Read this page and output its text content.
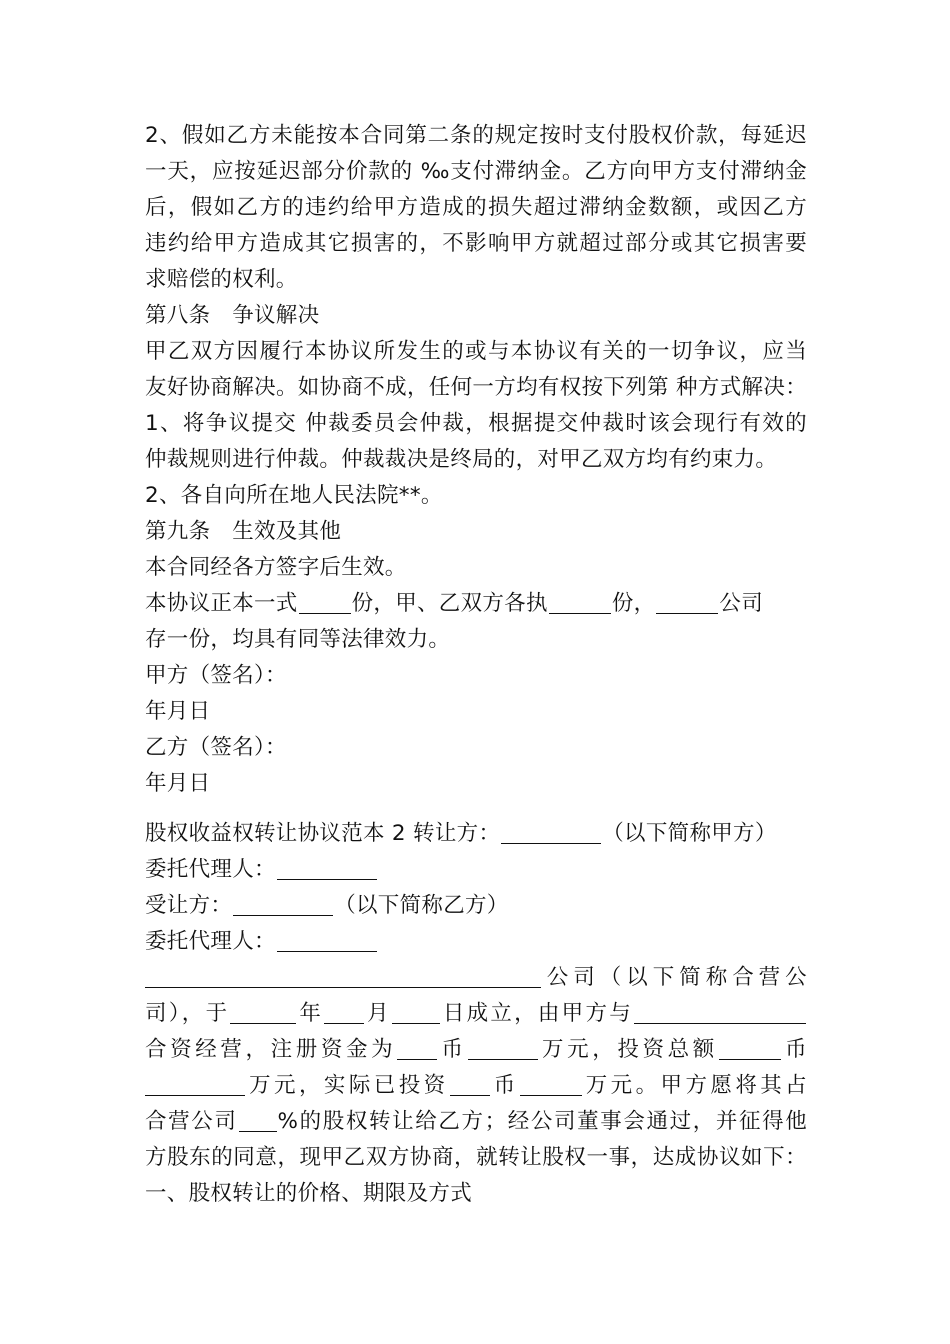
2、假如乙方未能按本合同第二条的规定按时支付股权价款，每延迟
一天，应按延迟部分价款的 ‰支付滞纳金。乙方向甲方支付滞纳金
后，假如乙方的违约给甲方造成的损失超过滞纳金数额，或因乙方
违约给甲方造成其它损害的，不影响甲方就超过部分或其它损害要
求赔偿的权利。
第八条　争议解决
甲乙双方因履行本协议所发生的或与本协议有关的一切争议，应当
友好协商解决。如协商不成，任何一方均有权按下列第 种方式解决：
1、将争议提交 仲裁委员会仲裁，根据提交仲裁时该会现行有效的
仲裁规则进行仲裁。仲裁裁决是终局的，对甲乙双方均有约束力。
2、各自向所在地人民法院**。
第九条　生效及其他
本合同经各方签字后生效。
本协议正本一式	份，甲、乙双方各执	份，	公司
存一份，均具有同等法律效力。
甲方（签名）：
年月日
乙方（签名）：
年月日
股权收益权转让协议范本 2 转让方：	（以下简称甲方）
委托代理人：
受让方：	（以下简称乙方）
委托代理人：
公司（以下简称合营公
司），于	年 月 日成立，由甲方与
合资经营，注册资金为 币	万元，投资总额	币
万元，实际已投资 币	万元。甲方愿将其占
合营公司 %的股权转让给乙方；经公司董事会通过，并征得他
方股东的同意，现甲乙双方协商，就转让股权一事，达成协议如下：
一、股权转让的价格、期限及方式
